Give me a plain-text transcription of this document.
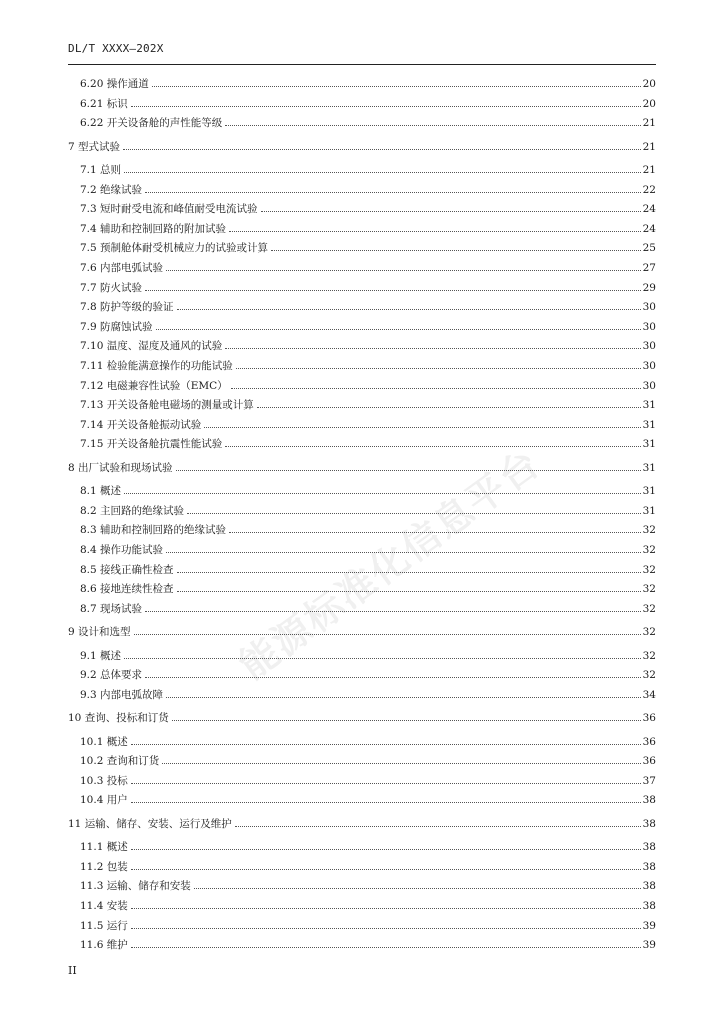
DL/T XXXX—202X
能源标准化信息平台
6.20 操作通道	20
6.21 标识	20
6.22 开关设备舱的声性能等级	21
7 型式试验	21
7.1 总则	21
7.2 绝缘试验	22
7.3 短时耐受电流和峰值耐受电流试验	24
7.4 辅助和控制回路的附加试验	24
7.5 预制舱体耐受机械应力的试验或计算	25
7.6 内部电弧试验	27
7.7 防火试验	29
7.8 防护等级的验证	30
7.9 防腐蚀试验	30
7.10 温度、湿度及通风的试验	30
7.11 检验能满意操作的功能试验	30
7.12 电磁兼容性试验（EMC）	30
7.13 开关设备舱电磁场的测量或计算	31
7.14 开关设备舱振动试验	31
7.15 开关设备舱抗震性能试验	31
8 出厂试验和现场试验	31
8.1 概述	31
8.2 主回路的绝缘试验	31
8.3 辅助和控制回路的绝缘试验	32
8.4 操作功能试验	32
8.5 接线正确性检查	32
8.6 接地连续性检查	32
8.7 现场试验	32
9 设计和选型	32
9.1 概述	32
9.2 总体要求	32
9.3 内部电弧故障	34
10 查询、投标和订货	36
10.1 概述	36
10.2 查询和订货	36
10.3 投标	37
10.4 用户	38
11 运输、储存、安装、运行及维护	38
11.1 概述	38
11.2 包装	38
11.3 运输、储存和安装	38
11.4 安装	38
11.5 运行	39
11.6 维护	39
II
